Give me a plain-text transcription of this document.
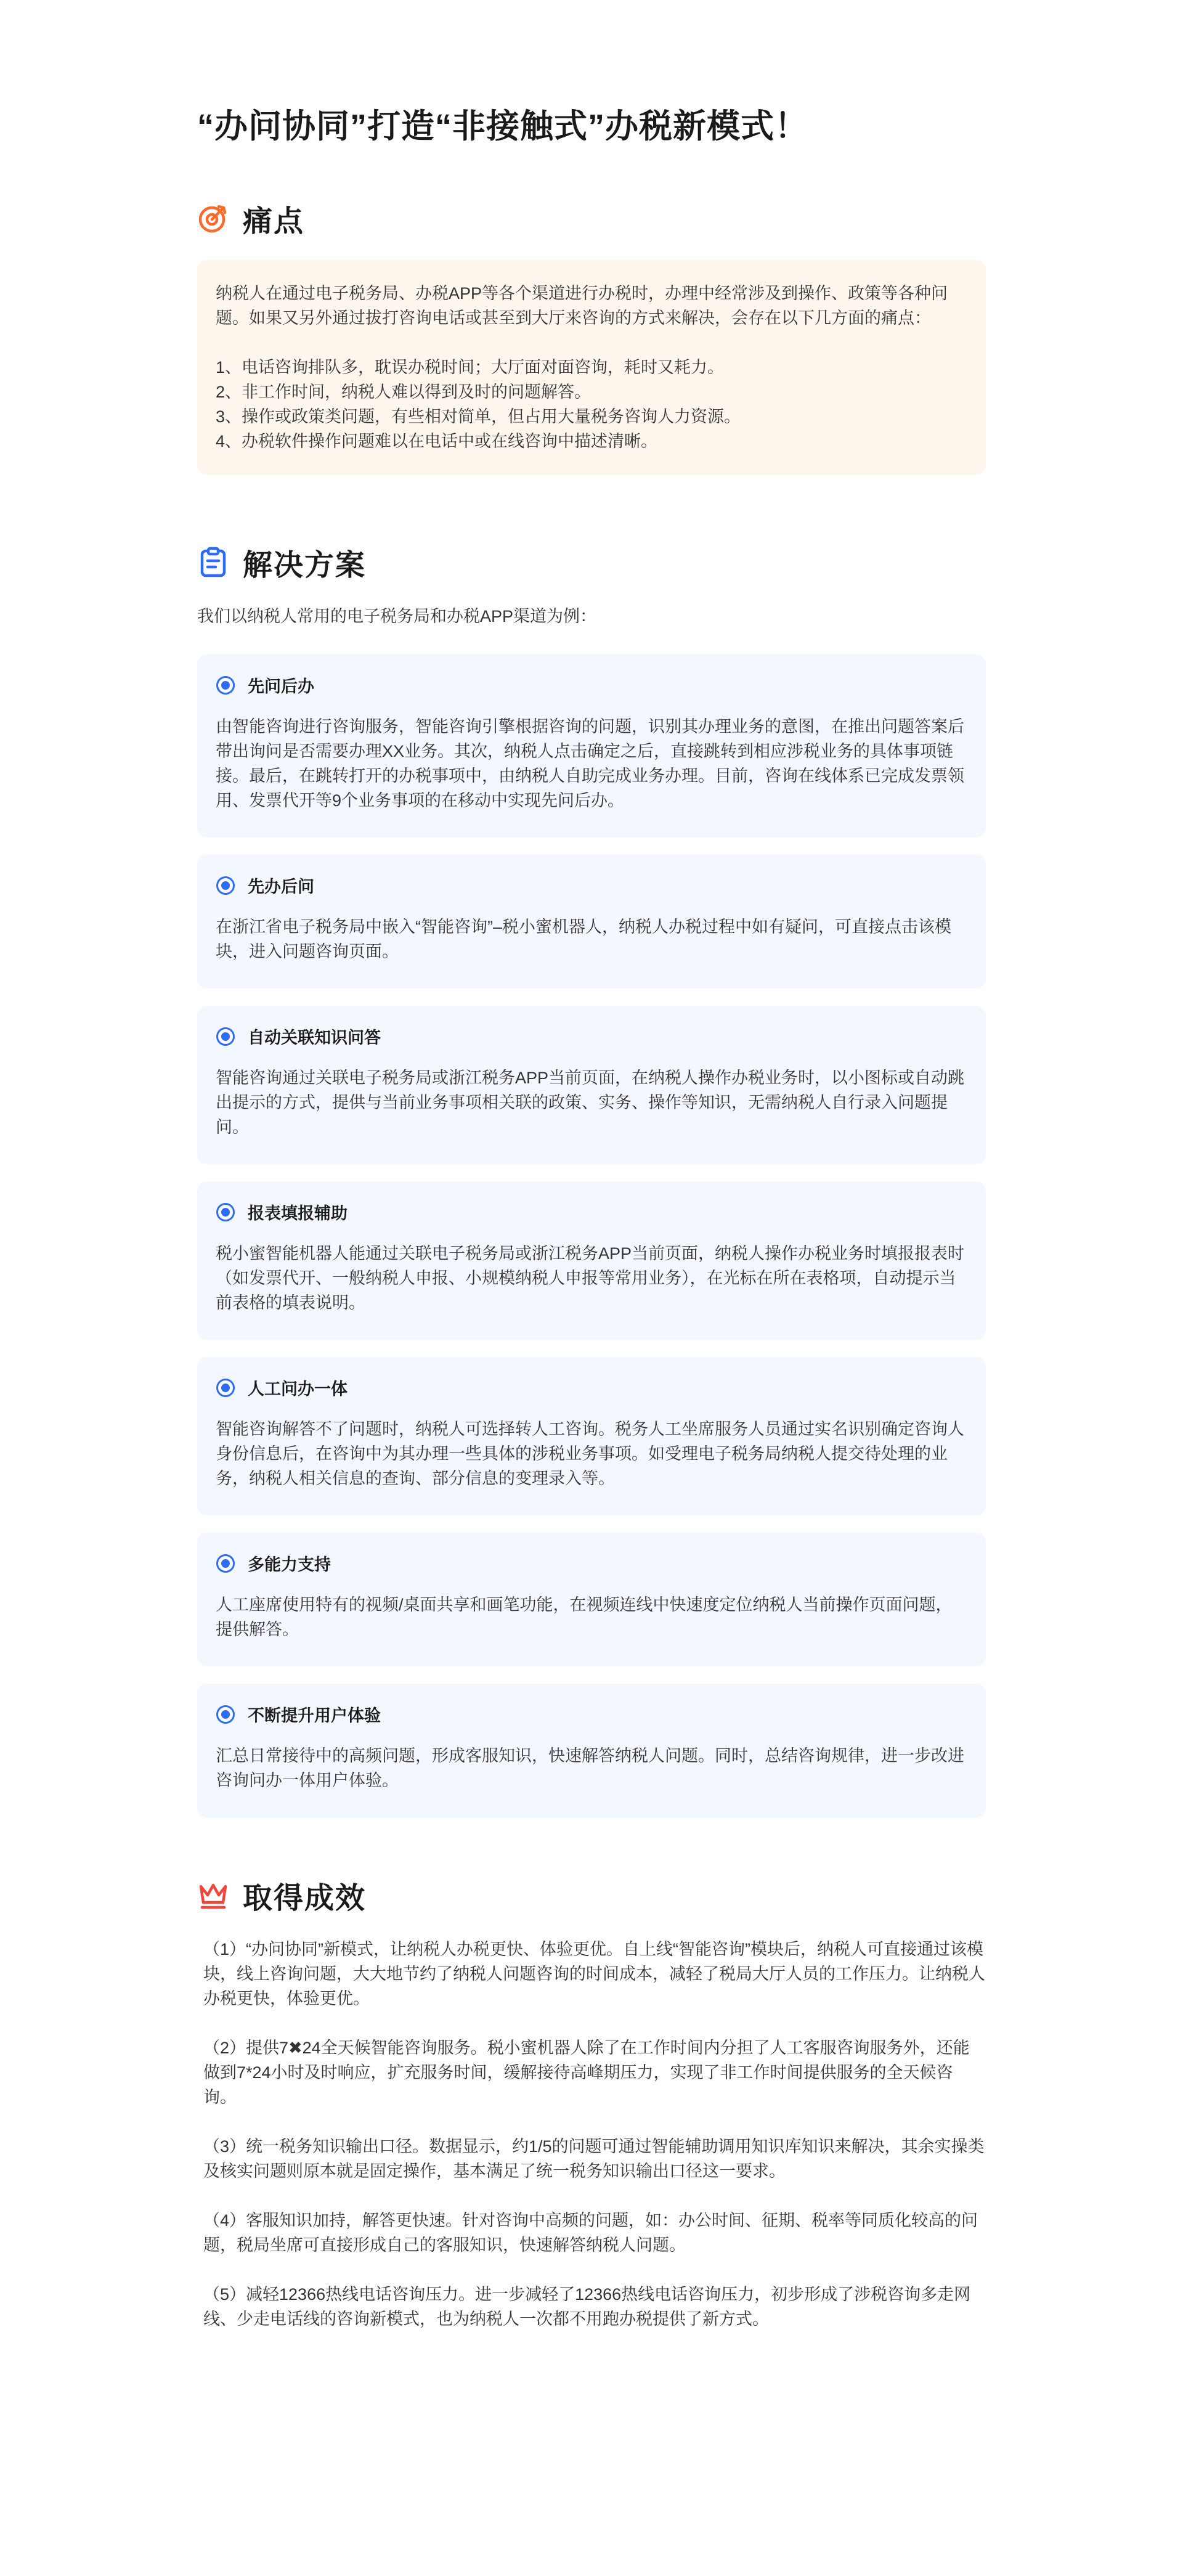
“办问协同”打造“非接触式”办税新模式！
痛点

纳税人在通过电子税务局、办税APP等各个渠道进行办税时，办理中经常涉及到操作、政策等各种问题。如果又另外通过拔打咨询电话或甚至到大厅来咨询的方式来解决，会存在以下几方面的痛点：

1、电话咨询排队多，耽误办税时间；大厅面对面咨询，耗时又耗力。

2、非工作时间，纳税人难以得到及时的问题解答。

3、操作或政策类问题，有些相对简单，但占用大量税务咨询人力资源。

4、办税软件操作问题难以在电话中或在线咨询中描述清晰。

解决方案

我们以纳税人常用的电子税务局和办税APP渠道为例：

先问后办
由智能咨询进行咨询服务，智能咨询引擎根据咨询的问题，识别其办理业务的意图，在推出问题答案后带出询问是否需要办理XX业务。其次，纳税人点击确定之后，直接跳转到相应涉税业务的具体事项链接。最后，在跳转打开的办税事项中，由纳税人自助完成业务办理。目前，咨询在线体系已完成发票领用、发票代开等9个业务事项的在移动中实现先问后办。
先办后问
在浙江省电子税务局中嵌入“智能咨询”–税小蜜机器人，纳税人办税过程中如有疑问，可直接点击该模块，进入问题咨询页面。
自动关联知识问答
智能咨询通过关联电子税务局或浙江税务APP当前页面，在纳税人操作办税业务时，以小图标或自动跳出提示的方式，提供与当前业务事项相关联的政策、实务、操作等知识，无需纳税人自行录入问题提问。
报表填报辅助
税小蜜智能机器人能通过关联电子税务局或浙江税务APP当前页面，纳税人操作办税业务时填报报表时（如发票代开、一般纳税人申报、小规模纳税人申报等常用业务），在光标在所在表格项，自动提示当前表格的填表说明。
人工问办一体
智能咨询解答不了问题时，纳税人可选择转人工咨询。税务人工坐席服务人员通过实名识别确定咨询人身份信息后，在咨询中为其办理一些具体的涉税业务事项。如受理电子税务局纳税人提交待处理的业务，纳税人相关信息的查询、部分信息的变理录入等。
多能力支持
人工座席使用特有的视频/桌面共享和画笔功能，在视频连线中快速度定位纳税人当前操作页面问题，提供解答。
不断提升用户体验
汇总日常接待中的高频问题，形成客服知识，快速解答纳税人问题。同时，总结咨询规律，进一步改进咨询问办一体用户体验。
取得成效

（1）“办问协同”新模式，让纳税人办税更快、体验更优。自上线“智能咨询”模块后，纳税人可直接通过该模块，线上咨询问题，大大地节约了纳税人问题咨询的时间成本，减轻了税局大厅人员的工作压力。让纳税人办税更快，体验更优。

（2）提供7✖24全天候智能咨询服务。税小蜜机器人除了在工作时间内分担了人工客服咨询服务外，还能做到7*24小时及时响应，扩充服务时间，缓解接待高峰期压力，实现了非工作时间提供服务的全天候咨询。

（3）统一税务知识输出口径。数据显示，约1/5的问题可通过智能辅助调用知识库知识来解决，其余实操类及核实问题则原本就是固定操作，基本满足了统一税务知识输出口径这一要求。

（4）客服知识加持，解答更快速。针对咨询中高频的问题，如：办公时间、征期、税率等同质化较高的问题，税局坐席可直接形成自己的客服知识，快速解答纳税人问题。

（5）减轻12366热线电话咨询压力。进一步减轻了12366热线电话咨询压力，初步形成了涉税咨询多走网线、少走电话线的咨询新模式，也为纳税人一次都不用跑办税提供了新方式。
